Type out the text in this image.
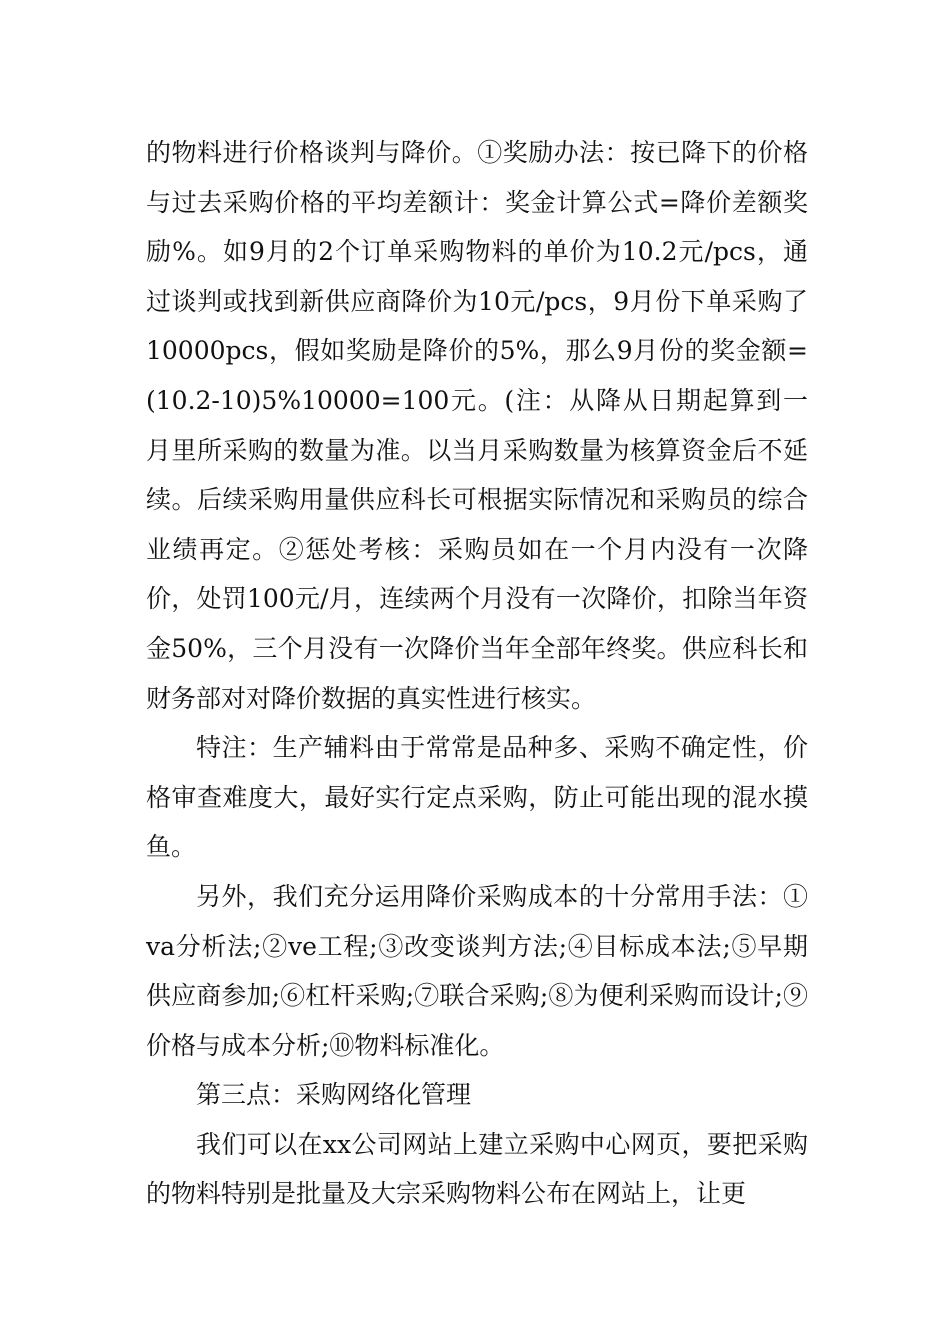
的物料进行价格谈判与降价。①奖励办法：按已降下的价格与过去采购价格的平均差额计：奖金计算公式=降价差额奖励%。如9月的2个订单采购物料的单价为10.2元/pcs，通过谈判或找到新供应商降价为10元/pcs，9月份下单采购了10000pcs，假如奖励是降价的5%，那么9月份的奖金额=(10.2-10)5%10000=100元。(注：从降从日期起算到一月里所采购的数量为准。以当月采购数量为核算资金后不延续。后续采购用量供应科长可根据实际情况和采购员的综合业绩再定。②惩处考核：采购员如在一个月内没有一次降价，处罚100元/月，连续两个月没有一次降价，扣除当年资金50%，三个月没有一次降价当年全部年终奖。供应科长和财务部对对降价数据的真实性进行核实。

特注：生产辅料由于常常是品种多、采购不确定性，价格审查难度大，最好实行定点采购，防止可能出现的混水摸鱼。

另外，我们充分运用降价采购成本的十分常用手法：①va分析法;②ve工程;③改变谈判方法;④目标成本法;⑤早期供应商参加;⑥杠杆采购;⑦联合采购;⑧为便利采购而设计;⑨价格与成本分析;⑩物料标准化。

第三点：采购网络化管理

我们可以在xx公司网站上建立采购中心网页，要把采购的物料特别是批量及大宗采购物料公布在网站上，让更
